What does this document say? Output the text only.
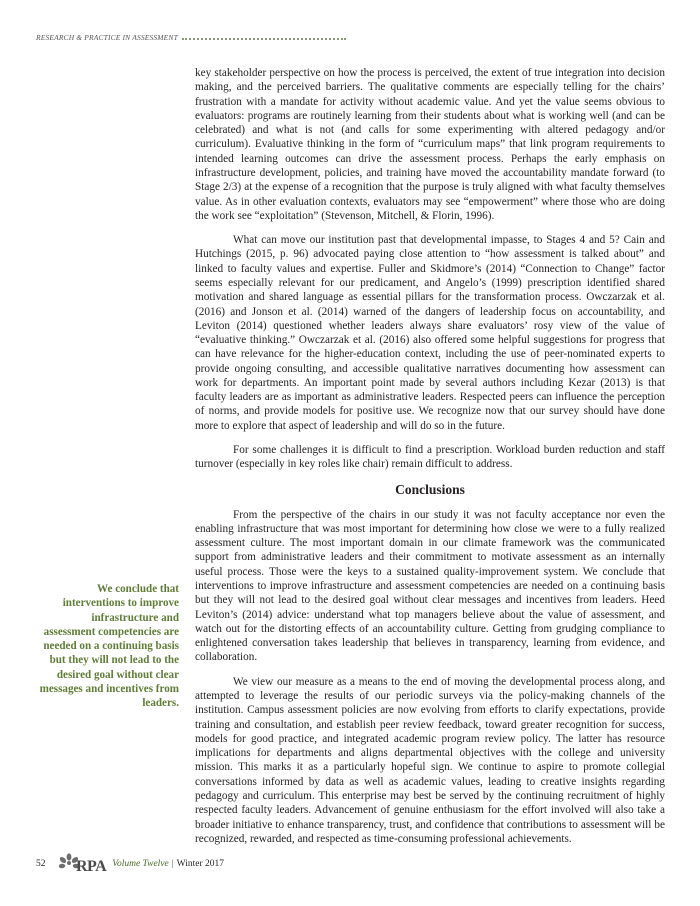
RESEARCH & PRACTICE IN ASSESSMENT

key stakeholder perspective on how the process is perceived, the extent of true integration into decision making, and the perceived barriers. The qualitative comments are especially telling for the chairs’ frustration with a mandate for activity without academic value. And yet the value seems obvious to evaluators: programs are routinely learning from their students about what is working well (and can be celebrated) and what is not (and calls for some experimenting with altered pedagogy and/or curriculum). Evaluative thinking in the form of “curriculum maps” that link program requirements to intended learning outcomes can drive the assessment process. Perhaps the early emphasis on infrastructure development, policies, and training have moved the accountability mandate forward (to Stage 2/3) at the expense of a recognition that the purpose is truly aligned with what faculty themselves value. As in other evaluation contexts, evaluators may see “empowerment” where those who are doing the work see “exploitation” (Stevenson, Mitchell, & Florin, 1996).

What can move our institution past that developmental impasse, to Stages 4 and 5? Cain and Hutchings (2015, p. 96) advocated paying close attention to “how assessment is talked about” and linked to faculty values and expertise. Fuller and Skidmore’s (2014) “Connection to Change” factor seems especially relevant for our predicament, and Angelo’s (1999) prescription identified shared motivation and shared language as essential pillars for the transformation process. Owczarzak et al. (2016) and Jonson et al. (2014) warned of the dangers of leadership focus on accountability, and Leviton (2014) questioned whether leaders always share evaluators’ rosy view of the value of “evaluative thinking.” Owczarzak et al. (2016) also offered some helpful suggestions for progress that can have relevance for the higher-education context, including the use of peer-nominated experts to provide ongoing consulting, and accessible qualitative narratives documenting how assessment can work for departments. An important point made by several authors including Kezar (2013) is that faculty leaders are as important as administrative leaders. Respected peers can influence the perception of norms, and provide models for positive use. We recognize now that our survey should have done more to explore that aspect of leadership and will do so in the future.

For some challenges it is difficult to find a prescription. Workload burden reduction and staff turnover (especially in key roles like chair) remain difficult to address.

Conclusions

From the perspective of the chairs in our study it was not faculty acceptance nor even the enabling infrastructure that was most important for determining how close we were to a fully realized assessment culture. The most important domain in our climate framework was the communicated support from administrative leaders and their commitment to motivate assessment as an internally useful process. Those were the keys to a sustained quality-improvement system. We conclude that interventions to improve infrastructure and assessment competencies are needed on a continuing basis but they will not lead to the desired goal without clear messages and incentives from leaders. Heed Leviton’s (2014) advice: understand what top managers believe about the value of assessment, and watch out for the distorting effects of an accountability culture. Getting from grudging compliance to enlightened conversation takes leadership that believes in transparency, learning from evidence, and collaboration.

We view our measure as a means to the end of moving the developmental process along, and attempted to leverage the results of our periodic surveys via the policy-making channels of the institution. Campus assessment policies are now evolving from efforts to clarify expectations, provide training and consultation, and establish peer review feedback, toward greater recognition for success, models for good practice, and integrated academic program review policy. The latter has resource implications for departments and aligns departmental objectives with the college and university mission. This marks it as a particularly hopeful sign. We continue to aspire to promote collegial conversations informed by data as well as academic values, leading to creative insights regarding pedagogy and curriculum. This enterprise may best be served by the continuing recruitment of highly respected faculty leaders. Advancement of genuine enthusiasm for the effort involved will also take a broader initiative to enhance transparency, trust, and confidence that contributions to assessment will be recognized, rewarded, and respected as time-consuming professional achievements.

We conclude that interventions to improve infrastructure and assessment competencies are needed on a continuing basis but they will not lead to the desired goal without clear messages and incentives from leaders.
52	RPA Volume Twelve | Winter 2017
